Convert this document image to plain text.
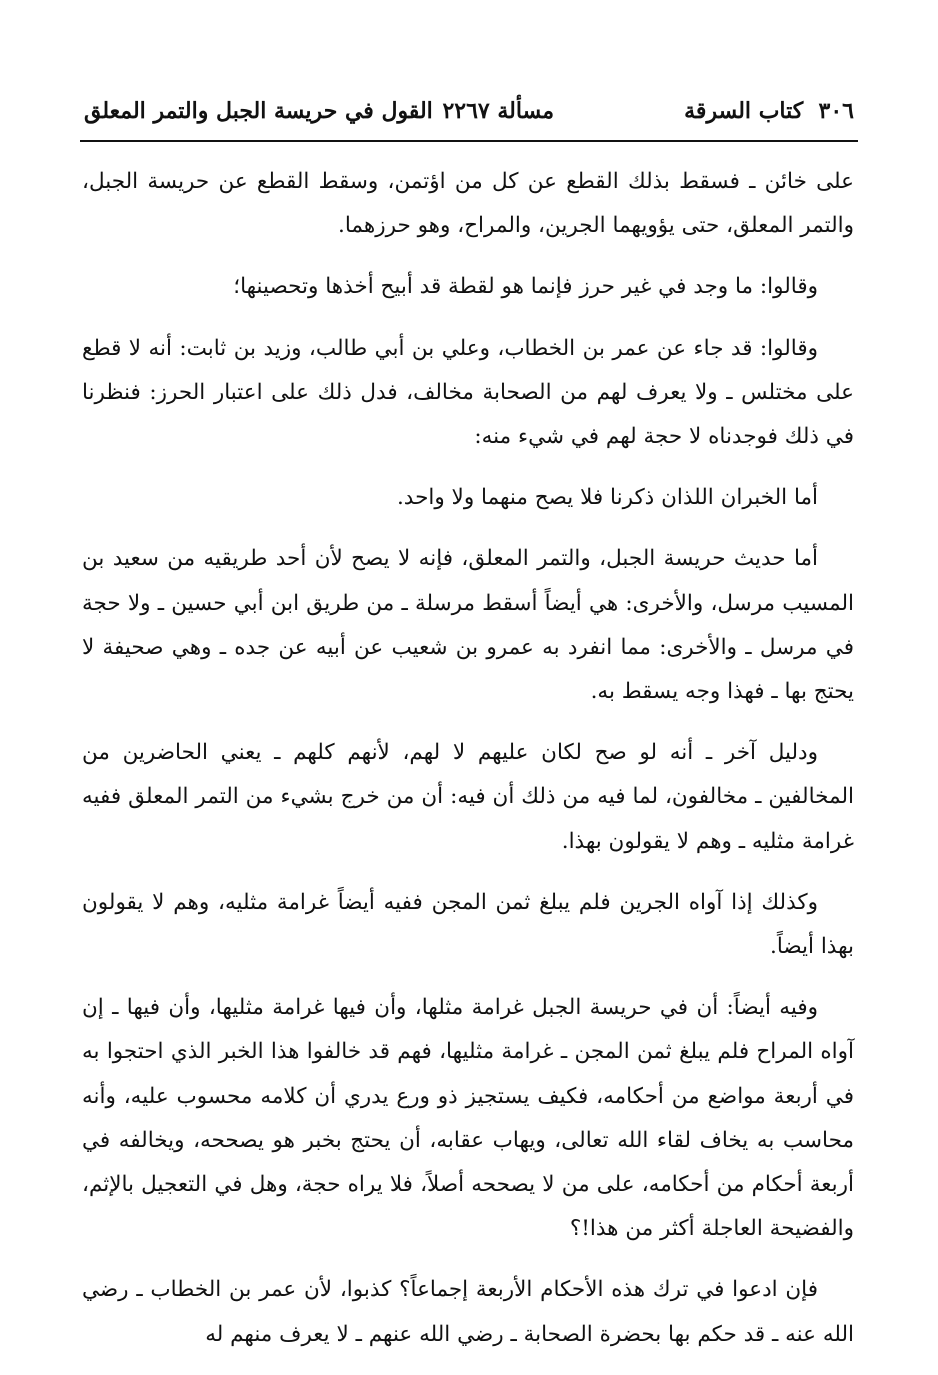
٣٠٦  كتاب السرقة
مسألة ٢٢٦٧
القول في حريسة الجبل والتمر المعلق

على خائن ـ فسقط بذلك القطع عن كل من اؤتمن، وسقط القطع عن حريسة الجبل، والتمر المعلق، حتى يؤويهما الجرين، والمراح، وهو حرزهما.

وقالوا: ما وجد في غير حرز فإنما هو لقطة قد أبيح أخذها وتحصينها؛

وقالوا: قد جاء عن عمر بن الخطاب، وعلي بن أبي طالب، وزيد بن ثابت: أنه لا قطع على مختلس ـ ولا يعرف لهم من الصحابة مخالف، فدل ذلك على اعتبار الحرز: فنظرنا في ذلك فوجدناه لا حجة لهم في شيء منه:

أما الخبران اللذان ذكرنا فلا يصح منهما ولا واحد.

أما حديث حريسة الجبل، والتمر المعلق، فإنه لا يصح لأن أحد طريقيه من سعيد بن المسيب مرسل، والأخرى: هي أيضاً أسقط مرسلة ـ من طريق ابن أبي حسين ـ ولا حجة في مرسل ـ والأخرى: مما انفرد به عمرو بن شعيب عن أبيه عن جده ـ وهي صحيفة لا يحتج بها ـ فهذا وجه يسقط به.

ودليل آخر ـ أنه لو صح لكان عليهم لا لهم، لأنهم كلهم ـ يعني الحاضرين من المخالفين ـ مخالفون، لما فيه من ذلك أن فيه: أن من خرج بشيء من التمر المعلق ففيه غرامة مثليه ـ وهم لا يقولون بهذا.

وكذلك إذا آواه الجرين فلم يبلغ ثمن المجن ففيه أيضاً غرامة مثليه، وهم لا يقولون بهذا أيضاً.

وفيه أيضاً: أن في حريسة الجبل غرامة مثلها، وأن فيها غرامة مثليها، وأن فيها ـ إن آواه المراح فلم يبلغ ثمن المجن ـ غرامة مثليها، فهم قد خالفوا هذا الخبر الذي احتجوا به في أربعة مواضع من أحكامه، فكيف يستجيز ذو ورع يدري أن كلامه محسوب عليه، وأنه محاسب به يخاف لقاء الله تعالى، ويهاب عقابه، أن يحتج بخبر هو يصححه، ويخالفه في أربعة أحكام من أحكامه، على من لا يصححه أصلاً، فلا يراه حجة، وهل في التعجيل بالإثم، والفضيحة العاجلة أكثر من هذا!؟

فإن ادعوا في ترك هذه الأحكام الأربعة إجماعاً؟ كذبوا، لأن عمر بن الخطاب ـ رضي الله عنه ـ قد حكم بها بحضرة الصحابة ـ رضي الله عنهم ـ لا يعرف منهم له
